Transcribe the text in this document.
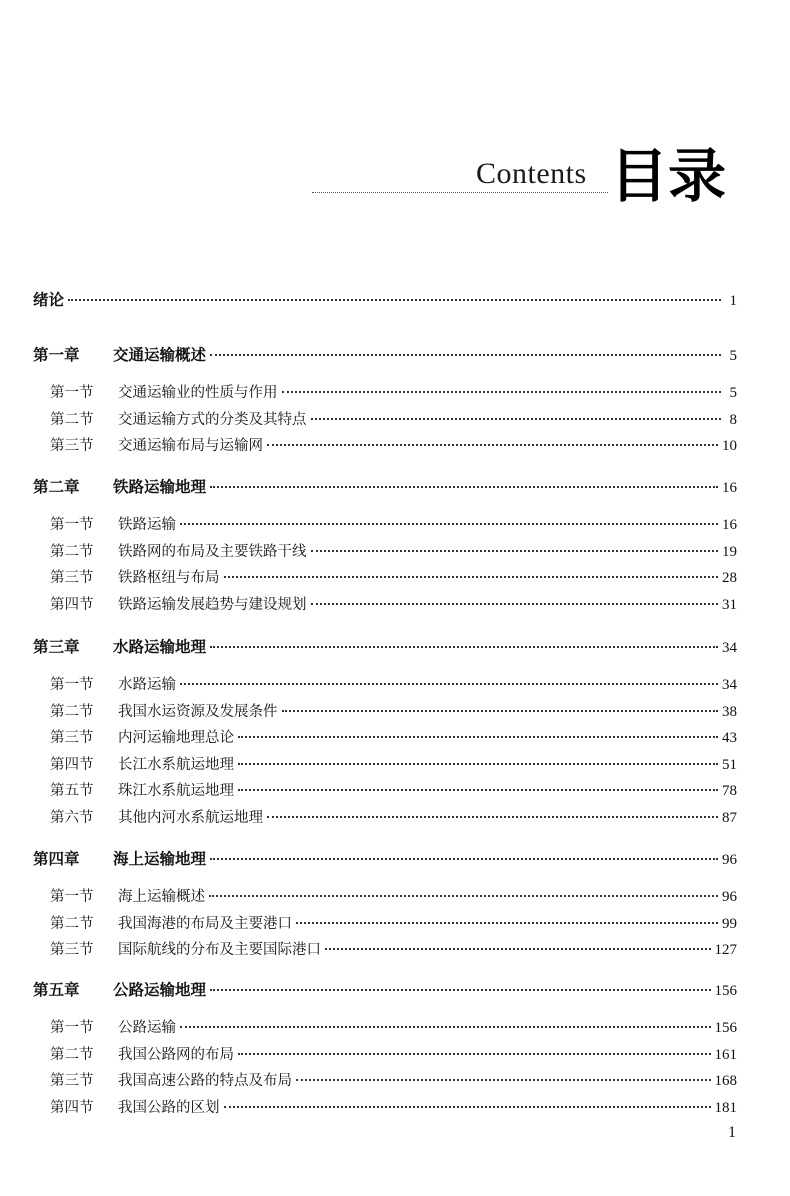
Contents 目录
绪论	1
第一章	交通运输概述	5
第一节	交通运输业的性质与作用	5
第二节	交通运输方式的分类及其特点	8
第三节	交通运输布局与运输网	10
第二章	铁路运输地理	16
第一节	铁路运输	16
第二节	铁路网的布局及主要铁路干线	19
第三节	铁路枢纽与布局	28
第四节	铁路运输发展趋势与建设规划	31
第三章	水路运输地理	34
第一节	水路运输	34
第二节	我国水运资源及发展条件	38
第三节	内河运输地理总论	43
第四节	长江水系航运地理	51
第五节	珠江水系航运地理	78
第六节	其他内河水系航运地理	87
第四章	海上运输地理	96
第一节	海上运输概述	96
第二节	我国海港的布局及主要港口	99
第三节	国际航线的分布及主要国际港口	127
第五章	公路运输地理	156
第一节	公路运输	156
第二节	我国公路网的布局	161
第三节	我国高速公路的特点及布局	168
第四节	我国公路的区划	181
1
